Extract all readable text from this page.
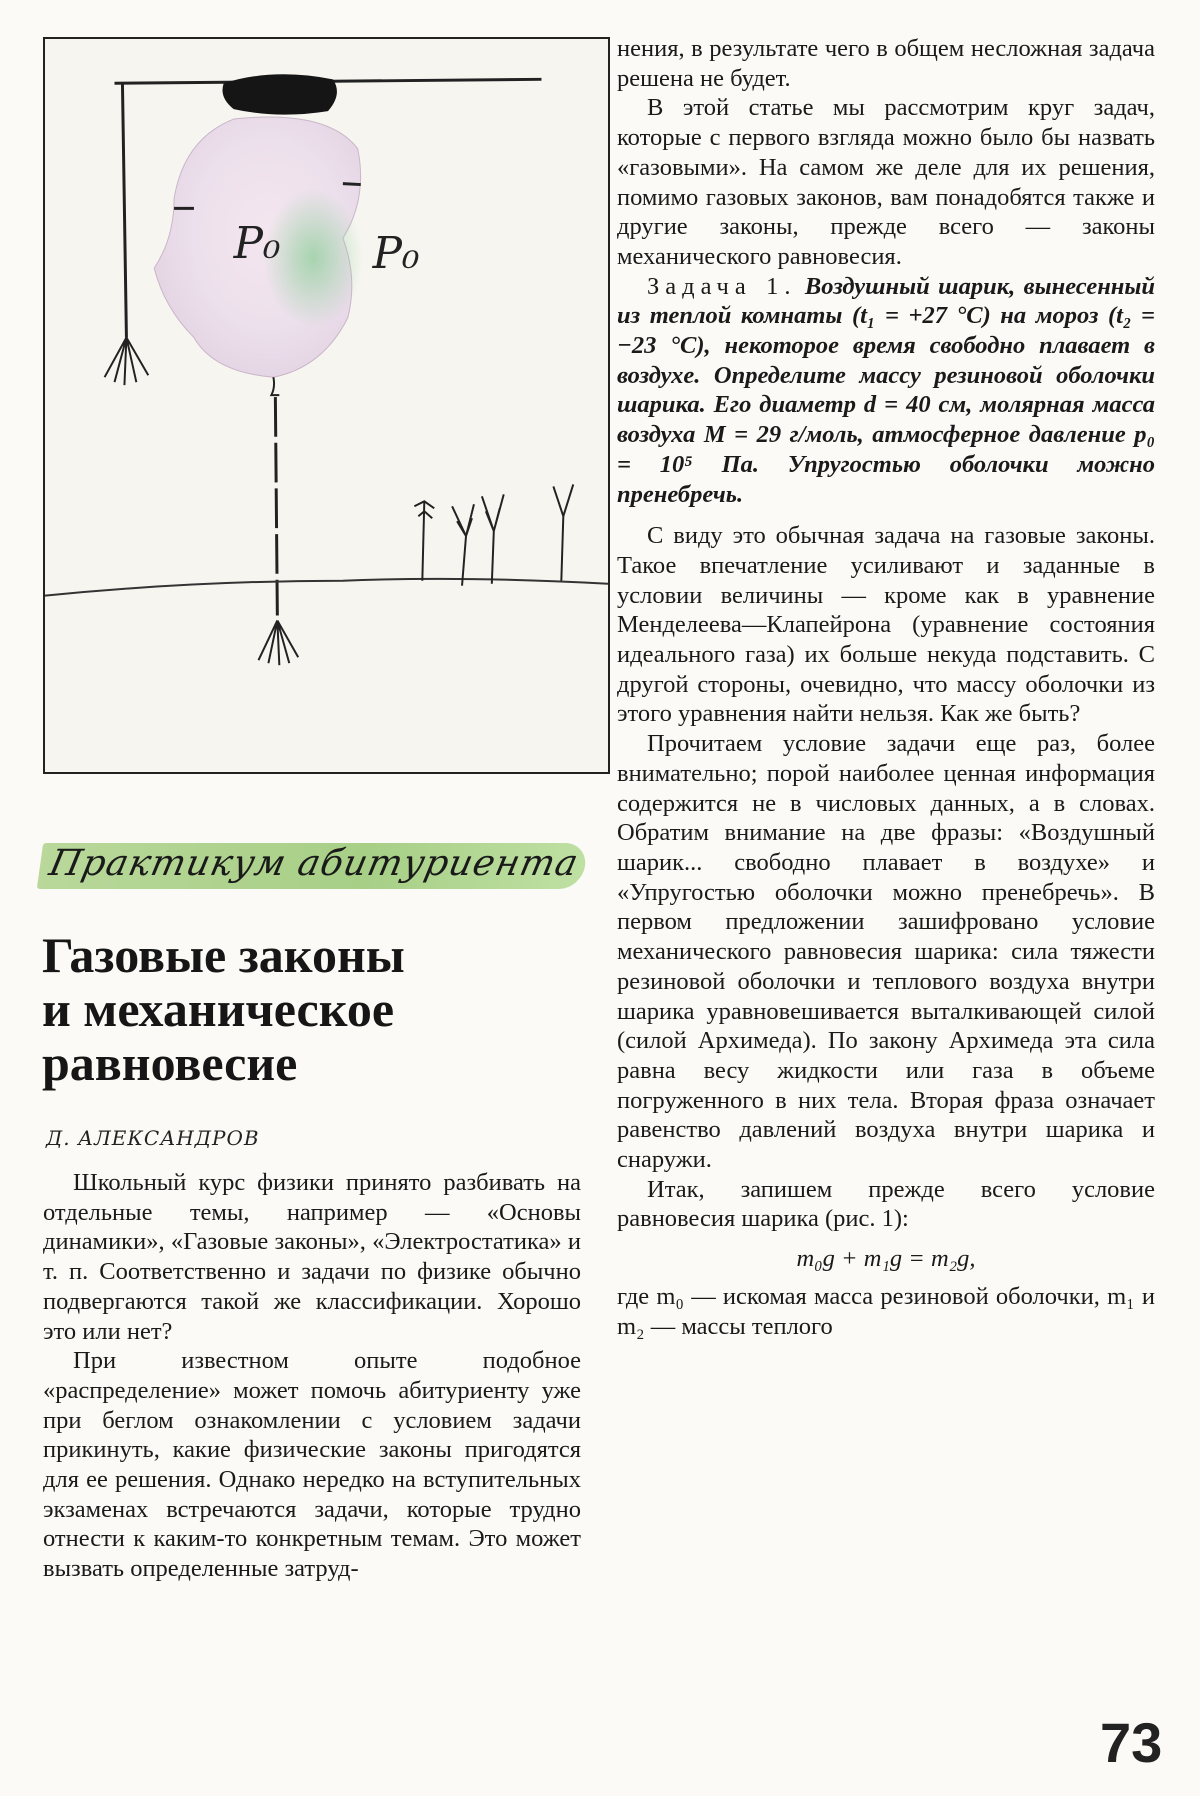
P₀ P₀
Практикум абитуриента
Газовые законы
и механическое
равновесие
Д. АЛЕКСАНДРОВ

Школьный курс физики принято разбивать на отдельные темы, например — «Основы динамики», «Газовые законы», «Электростатика» и т. п. Соответственно и задачи по физике обычно подвергаются такой же классификации. Хорошо это или нет?

При известном опыте подобное «распределение» может помочь абитуриенту уже при беглом ознакомлении с условием задачи прикинуть, какие физические законы пригодятся для ее решения. Однако нередко на вступительных экзаменах встречаются задачи, которые трудно отнести к каким-то конкретным темам. Это может вызвать определенные затруд-

нения, в результате чего в общем несложная задача решена не будет.

В этой статье мы рассмотрим круг задач, которые с первого взгляда можно было бы назвать «газовыми». На самом же деле для их решения, помимо газовых законов, вам понадобятся также и другие законы, прежде всего — законы механического равновесия.

Задача 1. Воздушный шарик, вынесенный из теплой комнаты (t₁ = +27 °C) на мороз (t₂ = −23 °C), некоторое время свободно плавает в воздухе. Определите массу резиновой оболочки шарика. Его диаметр d = 40 см, молярная масса воздуха M = 29 г/моль, атмосферное давление p₀ = 10⁵ Па. Упругостью оболочки можно пренебречь.

С виду это обычная задача на газовые законы. Такое впечатление усиливают и заданные в условии величины — кроме как в уравнение Менделеева—Клапейрона (уравнение состояния идеального газа) их больше некуда подставить. С другой стороны, очевидно, что массу оболочки из этого уравнения найти нельзя. Как же быть?

Прочитаем условие задачи еще раз, более внимательно; порой наиболее ценная информация содержится не в числовых данных, а в словах. Обратим внимание на две фразы: «Воздушный шарик... свободно плавает в воздухе» и «Упругостью оболочки можно пренебречь». В первом предложении зашифровано условие механического равновесия шарика: сила тяжести резиновой оболочки и теплового воздуха внутри шарика уравновешивается выталкивающей силой (силой Архимеда). По закону Архимеда эта сила равна весу жидкости или газа в объеме погруженного в них тела. Вторая фраза означает равенство давлений воздуха внутри шарика и снаружи.

Итак, запишем прежде всего условие равновесия шарика (рис. 1):

m₀g + m₁g = m₂g,

где m₀ — искомая масса резиновой оболочки, m₁ и m₂ — массы теплого

73
